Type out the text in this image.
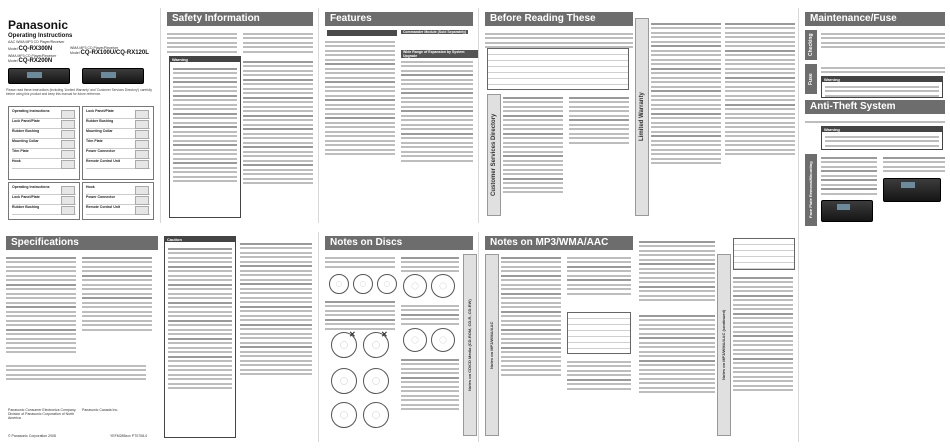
Panasonic
Operating Instructions
AAC WMA MP3 CD Player/Receiver
Model CQ-RX300N
WMA MP3 CD Player/Receiver
Model CQ-RX200N
WMA MP3 CD Player/Receiver
Model CQ-RX100U/CQ-RX120L
Please read these instructions (including 'Limited Warranty' and 'Customer Services Directory') carefully before using this product and keep this manual for future reference.
Operating Instructions
Lock Panel/Plate
Rubber Bushing
Mounting Collar
Trim Plate
Hook
Lock Panel/Plate
Rubber Bushing
Mounting Collar
Trim Plate
Power Connector
Remote Control Unit
Operating Instructions
Lock Panel/Plate
Rubber Bushing
Hook
Power Connector
Remote Control Unit
Safety Information
Warning
Features
Commander Module (Sold Separately)
Wide Range of Expansion by System Upgrade
Before Reading These
Customer Services Directory	Limited Warranty
Maintenance/Fuse
Checking
Fuse	Warning
Anti-Theft System
Warning
Face Plate Removal/Mounting
Specifications
Panasonic Consumer Electronics Company, Division of Panasonic Corporation of North America
Panasonic Canada Inc.
© Panasonic Corporation 2008	YEFM285xxx PT0708-0
Caution	Notes on Discs
✕	✕	Notes on CD/CD Media (CD-ROM, CD-R, CD-RW)
Notes on MP3/WMA/AAC
Notes on MP3/WMA/AAC	Notes on MP3/WMA/AAC (continued)
